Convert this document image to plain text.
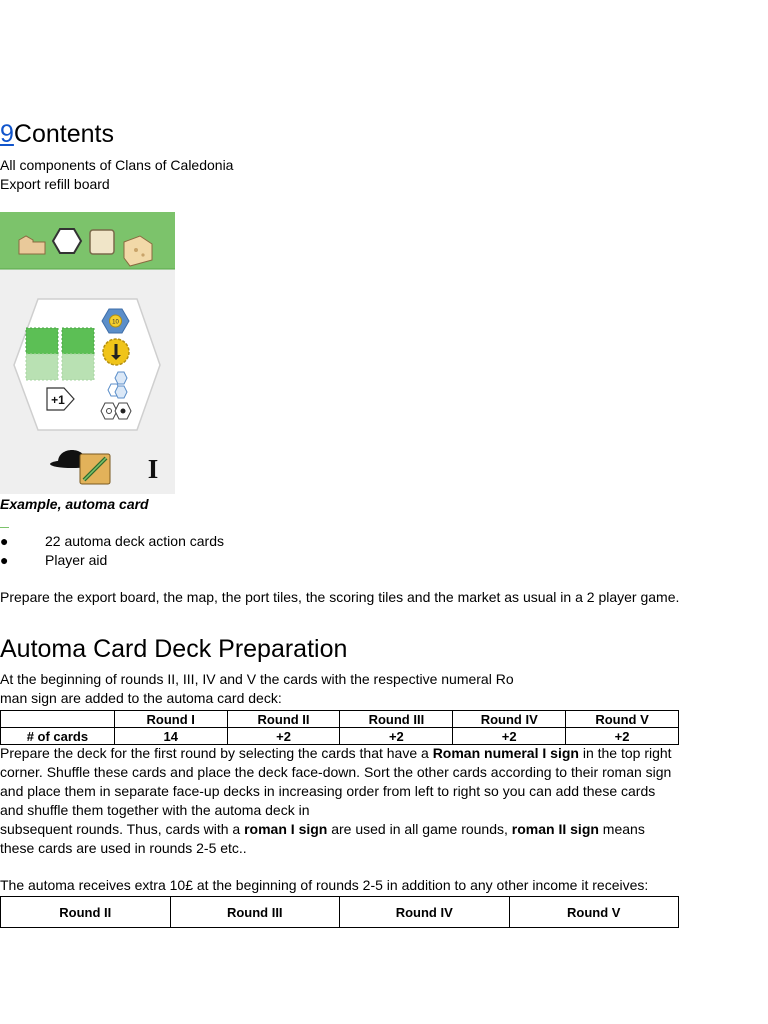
9Contents
All components of Clans of Caledonia
Export refill board
10
+1
I
Example, automa card
●	22 automa deck action cards
●	Player aid
Prepare the export board, the map, the port tiles, the scoring tiles and the market as usual in a 2 player game.
Automa Card Deck Preparation
At the beginning of rounds II, III, IV and V the cards with the respective numeral Ro
man sign are added to the automa card deck:
	Round I	Round II	Round III	Round IV	Round V
# of cards	14	+2	+2	+2	+2
Prepare the deck for the first round by selecting the cards that have a Roman numeral I sign in the top right corner. Shuffle these cards and place the deck face-down. Sort the other cards according to their roman sign and place them in separate face-up decks in increasing order from left to right so you can add these cards and shuffle them together with the automa deck in
subsequent rounds. Thus, cards with a roman I sign are used in all game rounds, roman II sign means these cards are used in rounds 2-5 etc..
The automa receives extra 10£ at the beginning of rounds 2-5 in addition to any other income it receives:
Round II	Round III	Round IV	Round V
